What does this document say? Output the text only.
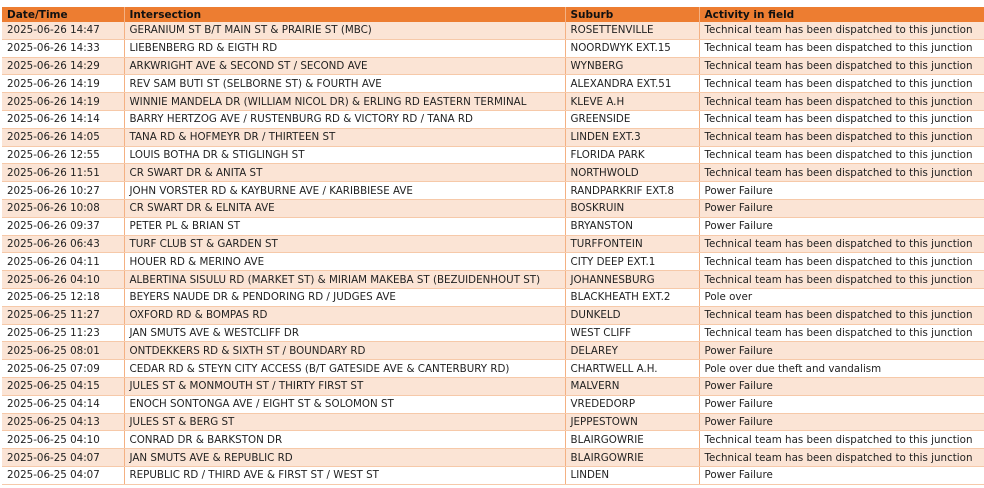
Date/Time	Intersection	Suburb	Activity in field
2025-06-26 14:47	GERANIUM ST B/T MAIN ST & PRAIRIE ST (MBC)	ROSETTENVILLE	Technical team has been dispatched to this junction
2025-06-26 14:33	LIEBENBERG RD & EIGTH RD	NOORDWYK EXT.15	Technical team has been dispatched to this junction
2025-06-26 14:29	ARKWRIGHT AVE & SECOND ST / SECOND AVE	WYNBERG	Technical team has been dispatched to this junction
2025-06-26 14:19	REV SAM BUTI ST (SELBORNE ST) & FOURTH AVE	ALEXANDRA EXT.51	Technical team has been dispatched to this junction
2025-06-26 14:19	WINNIE MANDELA DR (WILLIAM NICOL DR) & ERLING RD EASTERN TERMINAL	KLEVE A.H	Technical team has been dispatched to this junction
2025-06-26 14:14	BARRY HERTZOG AVE / RUSTENBURG RD & VICTORY RD / TANA RD	GREENSIDE	Technical team has been dispatched to this junction
2025-06-26 14:05	TANA RD & HOFMEYR DR / THIRTEEN ST	LINDEN EXT.3	Technical team has been dispatched to this junction
2025-06-26 12:55	LOUIS BOTHA DR & STIGLINGH ST	FLORIDA PARK	Technical team has been dispatched to this junction
2025-06-26 11:51	CR SWART DR & ANITA ST	NORTHWOLD	Technical team has been dispatched to this junction
2025-06-26 10:27	JOHN VORSTER RD & KAYBURNE AVE / KARIBBIESE AVE	RANDPARKRIF EXT.8	Power Failure
2025-06-26 10:08	CR SWART DR & ELNITA AVE	BOSKRUIN	Power Failure
2025-06-26 09:37	PETER PL & BRIAN ST	BRYANSTON	Power Failure
2025-06-26 06:43	TURF CLUB ST & GARDEN ST	TURFFONTEIN	Technical team has been dispatched to this junction
2025-06-26 04:11	HOUER RD & MERINO AVE	CITY DEEP EXT.1	Technical team has been dispatched to this junction
2025-06-26 04:10	ALBERTINA SISULU RD (MARKET ST) & MIRIAM MAKEBA ST (BEZUIDENHOUT ST)	JOHANNESBURG	Technical team has been dispatched to this junction
2025-06-25 12:18	BEYERS NAUDE DR & PENDORING RD / JUDGES AVE	BLACKHEATH EXT.2	Pole over
2025-06-25 11:27	OXFORD RD & BOMPAS RD	DUNKELD	Technical team has been dispatched to this junction
2025-06-25 11:23	JAN SMUTS AVE & WESTCLIFF DR	WEST CLIFF	Technical team has been dispatched to this junction
2025-06-25 08:01	ONTDEKKERS RD & SIXTH ST / BOUNDARY RD	DELAREY	Power Failure
2025-06-25 07:09	CEDAR RD & STEYN CITY ACCESS (B/T GATESIDE AVE & CANTERBURY RD)	CHARTWELL A.H.	Pole over due theft and vandalism
2025-06-25 04:15	JULES ST & MONMOUTH ST / THIRTY FIRST ST	MALVERN	Power Failure
2025-06-25 04:14	ENOCH SONTONGA AVE / EIGHT ST & SOLOMON ST	VREDEDORP	Power Failure
2025-06-25 04:13	JULES ST & BERG ST	JEPPESTOWN	Power Failure
2025-06-25 04:10	CONRAD DR & BARKSTON DR	BLAIRGOWRIE	Technical team has been dispatched to this junction
2025-06-25 04:07	JAN SMUTS AVE & REPUBLIC RD	BLAIRGOWRIE	Technical team has been dispatched to this junction
2025-06-25 04:07	REPUBLIC RD / THIRD AVE & FIRST ST / WEST ST	LINDEN	Power Failure
